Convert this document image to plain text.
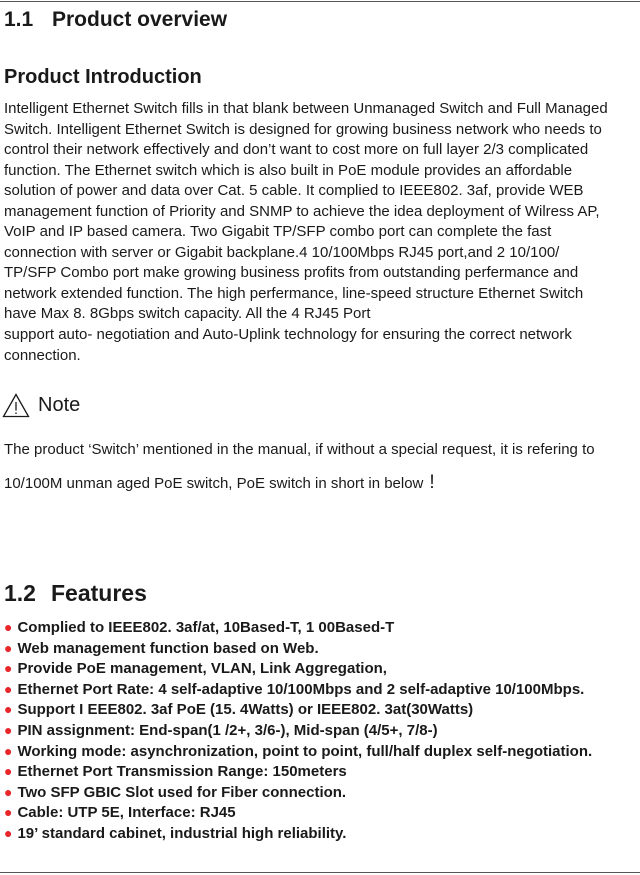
1.1 Product overview
Product Introduction
Intelligent Ethernet Switch fills in that blank between Unmanaged Switch and Full Managed
Switch. Intelligent Ethernet Switch is designed for growing business network who needs to
control their network effectively and don’t want to cost more on full layer 2/3 complicated
function. The Ethernet switch which is also built in PoE module provides an affordable
solution of power and data over Cat. 5 cable. It complied to IEEE802. 3af, provide WEB
management function of Priority and SNMP to achieve the idea deployment of Wilress AP,
VoIP and IP based camera. Two Gigabit TP/SFP combo port can complete the fast
connection with server or Gigabit backplane.4 10/100Mbps RJ45 port,and 2 10/100/
TP/SFP Combo port make growing business profits from outstanding perfermance and
network extended function. The high perfermance, line-speed structure Ethernet Switch
have Max 8. 8Gbps switch capacity. All the 4 RJ45 Port
support auto- negotiation and Auto-Uplink technology for ensuring the correct network
connection.
Note
The product ‘Switch’ mentioned in the manual, if without a special request, it is refering to
10/100M unman aged PoE switch, PoE switch in short in below !
1.2 Features
● Complied to IEEE802. 3af/at, 10Based-T, 1 00Based-T
● Web management function based on Web.
● Provide PoE management, VLAN, Link Aggregation,
● Ethernet Port Rate: 4 self-adaptive 10/100Mbps and 2 self-adaptive 10/100Mbps.
● Support I EEE802. 3af PoE (15. 4Watts) or IEEE802. 3at(30Watts)
● PIN assignment: End-span(1 /2+, 3/6-), Mid-span (4/5+, 7/8-)
● Working mode: asynchronization, point to point, full/half duplex self-negotiation.
● Ethernet Port Transmission Range: 150meters
● Two SFP GBIC Slot used for Fiber connection.
● Cable: UTP 5E, Interface: RJ45
● 19’ standard cabinet, industrial high reliability.
